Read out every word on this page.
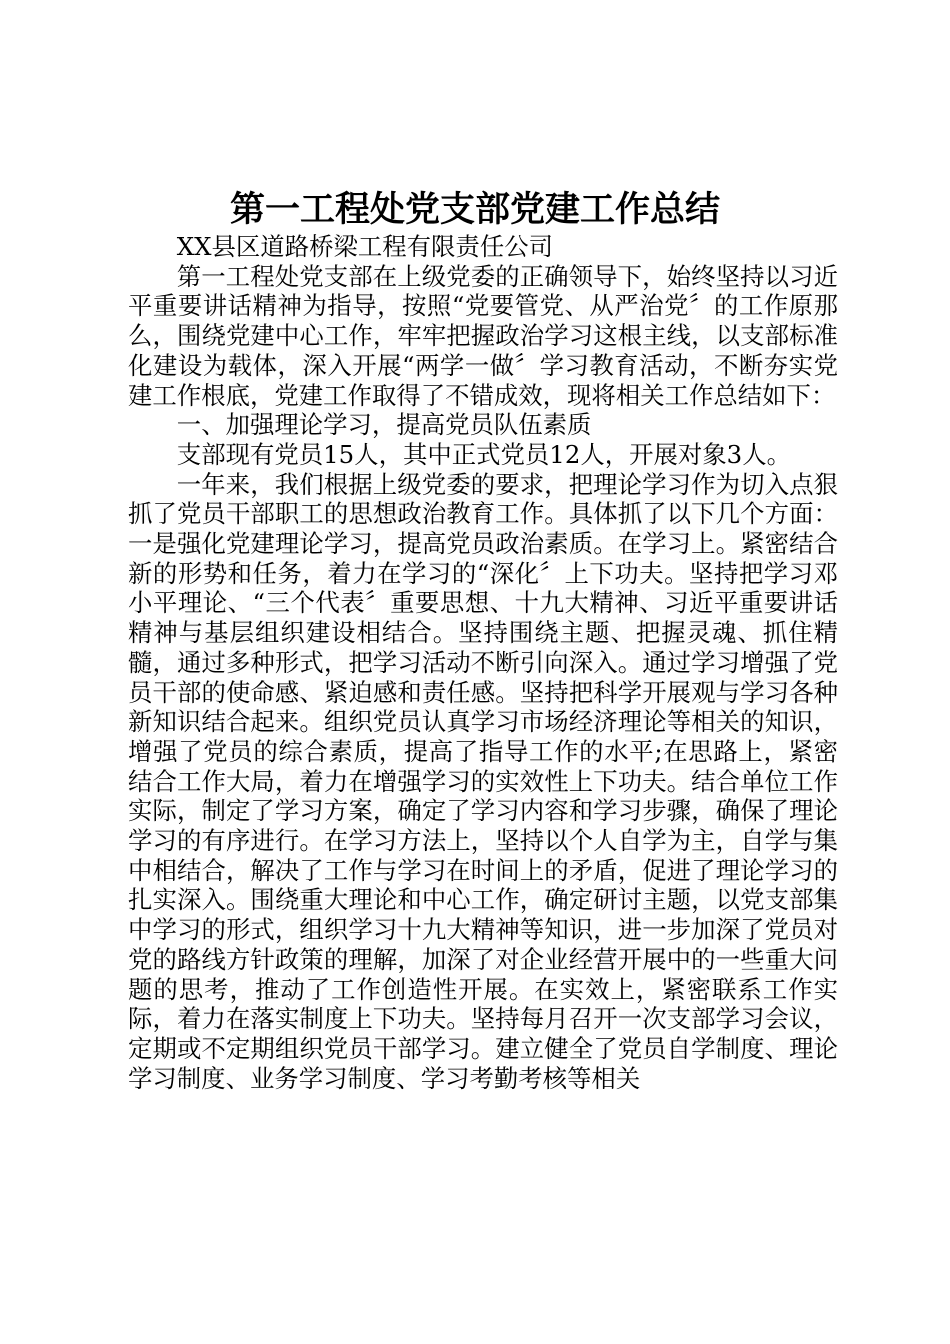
第一工程处党支部党建工作总结

XX县区道路桥梁工程有限责任公司

第一工程处党支部在上级党委的正确领导下，始终坚持以习近平重要讲话精神为指导，按照“党要管党、从严治党〞的工作原那么，围绕党建中心工作，牢牢把握政治学习这根主线，以支部标准化建设为载体，深入开展“两学一做〞学习教育活动，不断夯实党建工作根底，党建工作取得了不错成效，现将相关工作总结如下：

一、加强理论学习，提高党员队伍素质

支部现有党员15人，其中正式党员12人，开展对象3人。

一年来，我们根据上级党委的要求，把理论学习作为切入点狠抓了党员干部职工的思想政治教育工作。具体抓了以下几个方面：一是强化党建理论学习，提高党员政治素质。在学习上。紧密结合新的形势和任务，着力在学习的“深化〞上下功夫。坚持把学习邓小平理论、“三个代表〞重要思想、十九大精神、习近平重要讲话精神与基层组织建设相结合。坚持围绕主题、把握灵魂、抓住精髓，通过多种形式，把学习活动不断引向深入。通过学习增强了党员干部的使命感、紧迫感和责任感。坚持把科学开展观与学习各种新知识结合起来。组织党员认真学习市场经济理论等相关的知识，增强了党员的综合素质，提高了指导工作的水平;在思路上，紧密结合工作大局，着力在增强学习的实效性上下功夫。结合单位工作实际，制定了学习方案，确定了学习内容和学习步骤，确保了理论学习的有序进行。在学习方法上，坚持以个人自学为主，自学与集中相结合，解决了工作与学习在时间上的矛盾，促进了理论学习的扎实深入。围绕重大理论和中心工作，确定研讨主题，以党支部集中学习的形式，组织学习十九大精神等知识，进一步加深了党员对党的路线方针政策的理解，加深了对企业经营开展中的一些重大问题的思考，推动了工作创造性开展。在实效上，紧密联系工作实际，着力在落实制度上下功夫。坚持每月召开一次支部学习会议，定期或不定期组织党员干部学习。建立健全了党员自学制度、理论学习制度、业务学习制度、学习考勤考核等相关
